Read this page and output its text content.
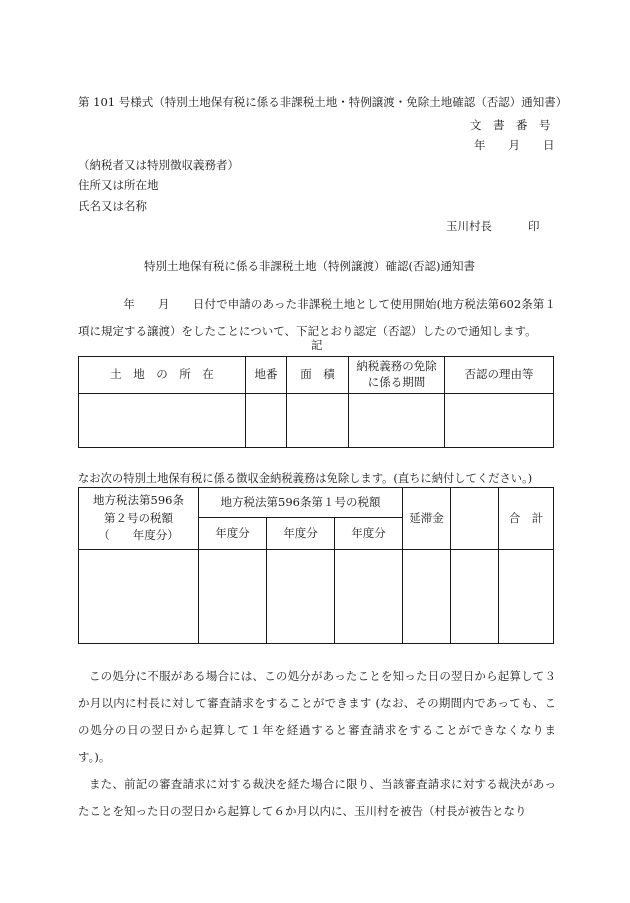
第 101 号様式（特別土地保有税に係る非課税土地・特例譲渡・免除土地確認（否認）通知書）
文　書　番　号
年　　月　　日
（納税者又は特別徴収義務者）
住所又は所在地
氏名又は名称
玉川村長	印
特別土地保有税に係る非課税土地（特例譲渡）確認(否認)通知書
　　年　　月　　日付で申請のあった非課税土地として使用開始(地方税法第602条第１項に規定する譲渡）をしたことについて、下記とおり認定（否認）したので通知します。
記
土　地　の　所　在	地番	面　積	納税義務の免除に係る期間	否認の理由等

なお次の特別土地保有税に係る徴収金納税義務は免除します。(直ちに納付してください。)
地方税法第596条
第２号の税額
（　　年度分）	地方税法第596条第１号の税額			延滞金		合　計
	年度分	年度分	年度分			

この処分に不服がある場合には、この処分があったことを知った日の翌日から起算して３か月以内に村長に対して審査請求をすることができます (なお、その期間内であっても、この処分の日の翌日から起算して１年を経過すると審査請求をすることができなくなります。)。
また、前記の審査請求に対する裁決を経た場合に限り、当該審査請求に対する裁決があったことを知った日の翌日から起算して６か月以内に、玉川村を被告（村長が被告となり
